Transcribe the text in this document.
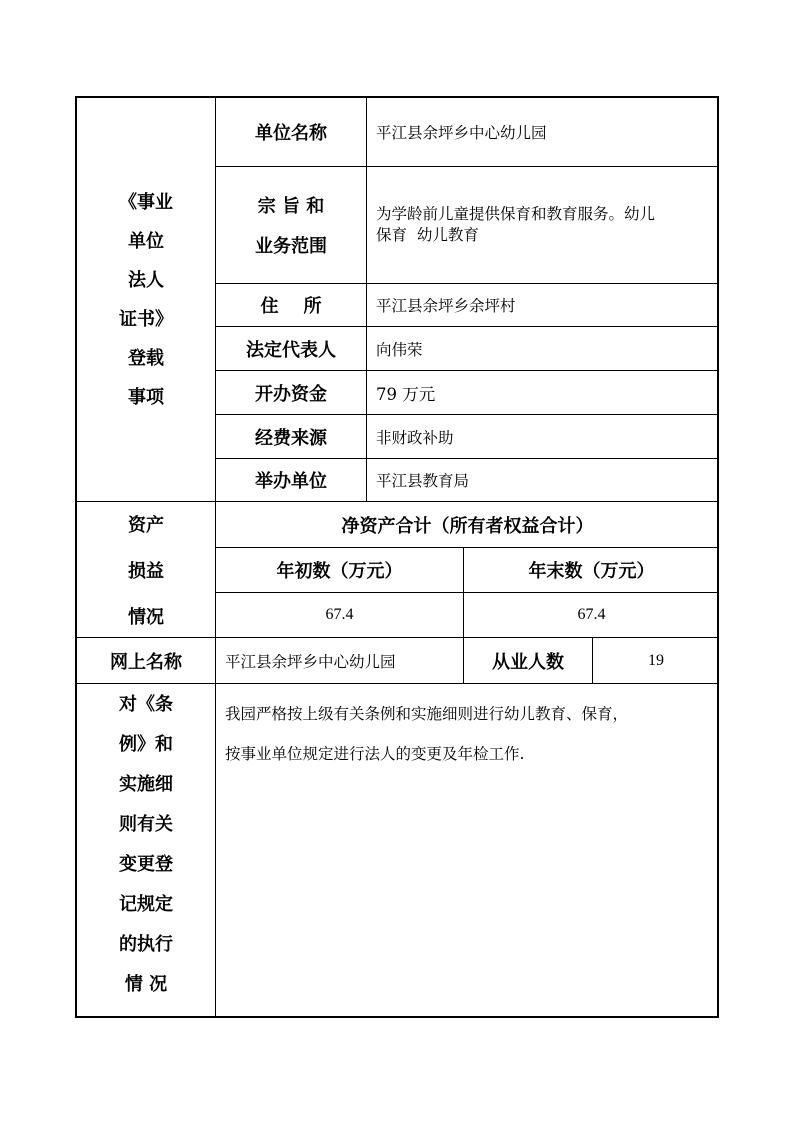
《事业
单位
法人
证书》
登载
事项
单位名称	平江县余坪乡中心幼儿园
宗 旨 和
业务范围
为学龄前儿童提供保育和教育服务。幼儿
保育  幼儿教育
住    所	平江县余坪乡余坪村
法定代表人	向伟荣
开办资金	79 万元
经费来源	非财政补助
举办单位	平江县教育局
资产
损益
情况
净资产合计（所有者权益合计）
年初数（万元）	年末数（万元）
67.4	67.4
网上名称	平江县余坪乡中心幼儿园	从业人数	19
对《条
例》和
实施细
则有关
变更登
记规定
的执行
情 况
我园严格按上级有关条例和实施细则进行幼儿教育、保育，
按事业单位规定进行法人的变更及年检工作.
